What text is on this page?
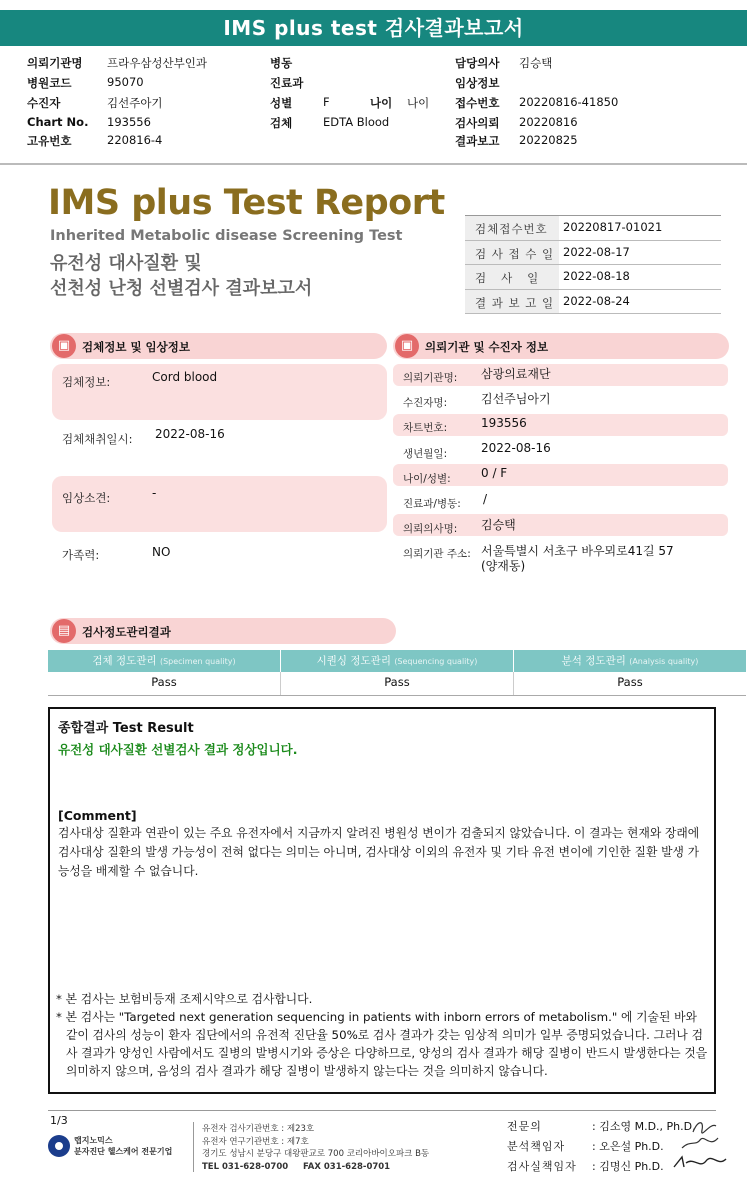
IMS plus test 검사결과보고서
의뢰기관명 프라우삼성산부인과	병동	담당의사 김승택
병원코드	95070	진료과	임상정보
수진자	김선주아기	성별	F	나이 나이 접수번호 20220816-41850
Chart No. 193556	검체	EDTA Blood	검사의뢰 20220816
고유번호	220816-4	결과보고 20220825
IMS plus Test Report
Inherited Metabolic disease Screening Test
유전성 대사질환 및
선천성 난청 선별검사 결과보고서
검체접수번호	20220817-01021
검 사 접 수 일 2022-08-17
검   사   일	2022-08-18
결 과 보 고 일 2022-08-24
▣	검체정보 및 임상정보
검체정보:	Cord blood
검체채취일시: 2022-08-16
임상소견:	-
가족력:	NO
▣	의뢰기관 및 수진자 정보
의뢰기관명: 삼광의료재단
수진자명:	김선주님아기
차트번호:	193556
생년월일:	2022-08-16
나이/성별:	0 / F
진료과/병동: /
의뢰의사명: 김승택
의뢰기관 주소: 서울특별시 서초구 바우뫼로41길 57
(양재동)
▤	검사정도관리결과
검체 정도관리 (Specimen quality)	시퀀싱 정도관리 (Sequencing quality)	분석 정도관리 (Analysis quality)
Pass	Pass	Pass
종합결과 Test Result
유전성 대사질환 선별검사 결과 정상입니다.
[Comment]
검사대상 질환과 연관이 있는 주요 유전자에서 지금까지 알려진 병원성 변이가 검출되지 않았습니다. 이 결과는 현재와 장래에 검사대상 질환의 발생 가능성이 전혀 없다는 의미는 아니며, 검사대상 이외의 유전자 및 기타 유전 변이에 기인한 질환 발생 가능성을 배제할 수 없습니다.

* 본 검사는 보험비등재 조제시약으로 검사합니다.

* 본 검사는 "Targeted next generation sequencing in patients with inborn errors of metabolism." 에 기술된 바와 같이 검사의 성능이 환자 집단에서의 유전적 진단율 50%로 검사 결과가 갖는 임상적 의미가 일부 증명되었습니다. 그러나 검사 결과가 양성인 사람에서도 질병의 발병시기와 증상은 다양하므로, 양성의 검사 결과가 해당 질병이 반드시 발생한다는 것을 의미하지 않으며, 음성의 검사 결과가 해당 질병이 발생하지 않는다는 것을 의미하지 않습니다.

1/3
랩지노믹스
분자진단 헬스케어 전문기업
유전자 검사기관번호 : 제23호
유전자 연구기관번호 : 제7호
경기도 성남시 분당구 대왕판교로 700 코리아바이오파크 B동
TEL 031-628-0700     FAX 031-628-0701
전문의	: 김소영 M.D., Ph.D.
분석책임자 : 오은설 Ph.D.
검사실책임자 : 김명신 Ph.D.
